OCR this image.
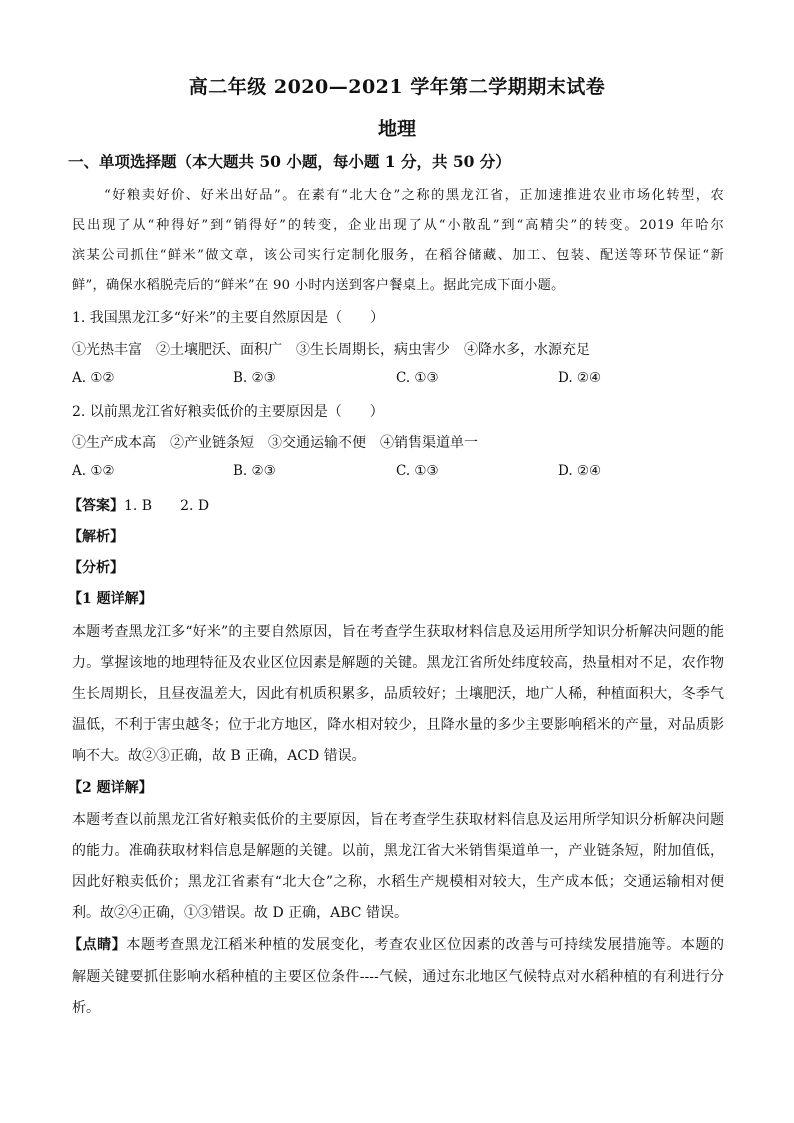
高二年级 2020—2021 学年第二学期期末试卷
地理
一、单项选择题（本大题共 50 小题，每小题 1 分，共 50 分）
“好粮卖好价、好米出好品”。在素有“北大仓”之称的黑龙江省，正加速推进农业市场化转型，农
民出现了从“种得好”到“销得好”的转变，企业出现了从“小散乱”到“高精尖”的转变。2019 年哈尔
滨某公司抓住“鲜米”做文章，该公司实行定制化服务，在稻谷储藏、加工、包装、配送等环节保证“新
鲜”，确保水稻脱壳后的“鲜米”在 90 小时内送到客户餐桌上。据此完成下面小题。
1. 我国黑龙江多“好米”的主要自然原因是（　　）
①光热丰富　②土壤肥沃、面积广　③生长周期长，病虫害少　④降水多，水源充足
A. ①②	B. ②③	C. ①③	D. ②④
2. 以前黑龙江省好粮卖低价的主要原因是（　　）
①生产成本高　②产业链条短　③交通运输不便　④销售渠道单一
A. ①②	B. ②③	C. ①③	D. ②④
【答案】1. B　　2. D
【解析】
【分析】
【1 题详解】
本题考查黑龙江多“好米”的主要自然原因，旨在考查学生获取材料信息及运用所学知识分析解决问题的能
力。掌握该地的地理特征及农业区位因素是解题的关键。黑龙江省所处纬度较高，热量相对不足，农作物
生长周期长，且昼夜温差大，因此有机质积累多，品质较好；土壤肥沃，地广人稀，种植面积大，冬季气
温低，不利于害虫越冬；位于北方地区，降水相对较少，且降水量的多少主要影响稻米的产量，对品质影
响不大。故②③正确，故 B 正确，ACD 错误。
【2 题详解】
本题考查以前黑龙江省好粮卖低价的主要原因，旨在考查学生获取材料信息及运用所学知识分析解决问题
的能力。准确获取材料信息是解题的关键。以前，黑龙江省大米销售渠道单一，产业链条短，附加值低，
因此好粮卖低价；黑龙江省素有“北大仓”之称，水稻生产规模相对较大，生产成本低；交通运输相对便
利。故②④正确，①③错误。故 D 正确，ABC 错误。
【点睛】本题考查黑龙江稻米种植的发展变化，考查农业区位因素的改善与可持续发展措施等。本题的
解题关键要抓住影响水稻种植的主要区位条件----气候，通过东北地区气候特点对水稻种植的有利进行分
析。
